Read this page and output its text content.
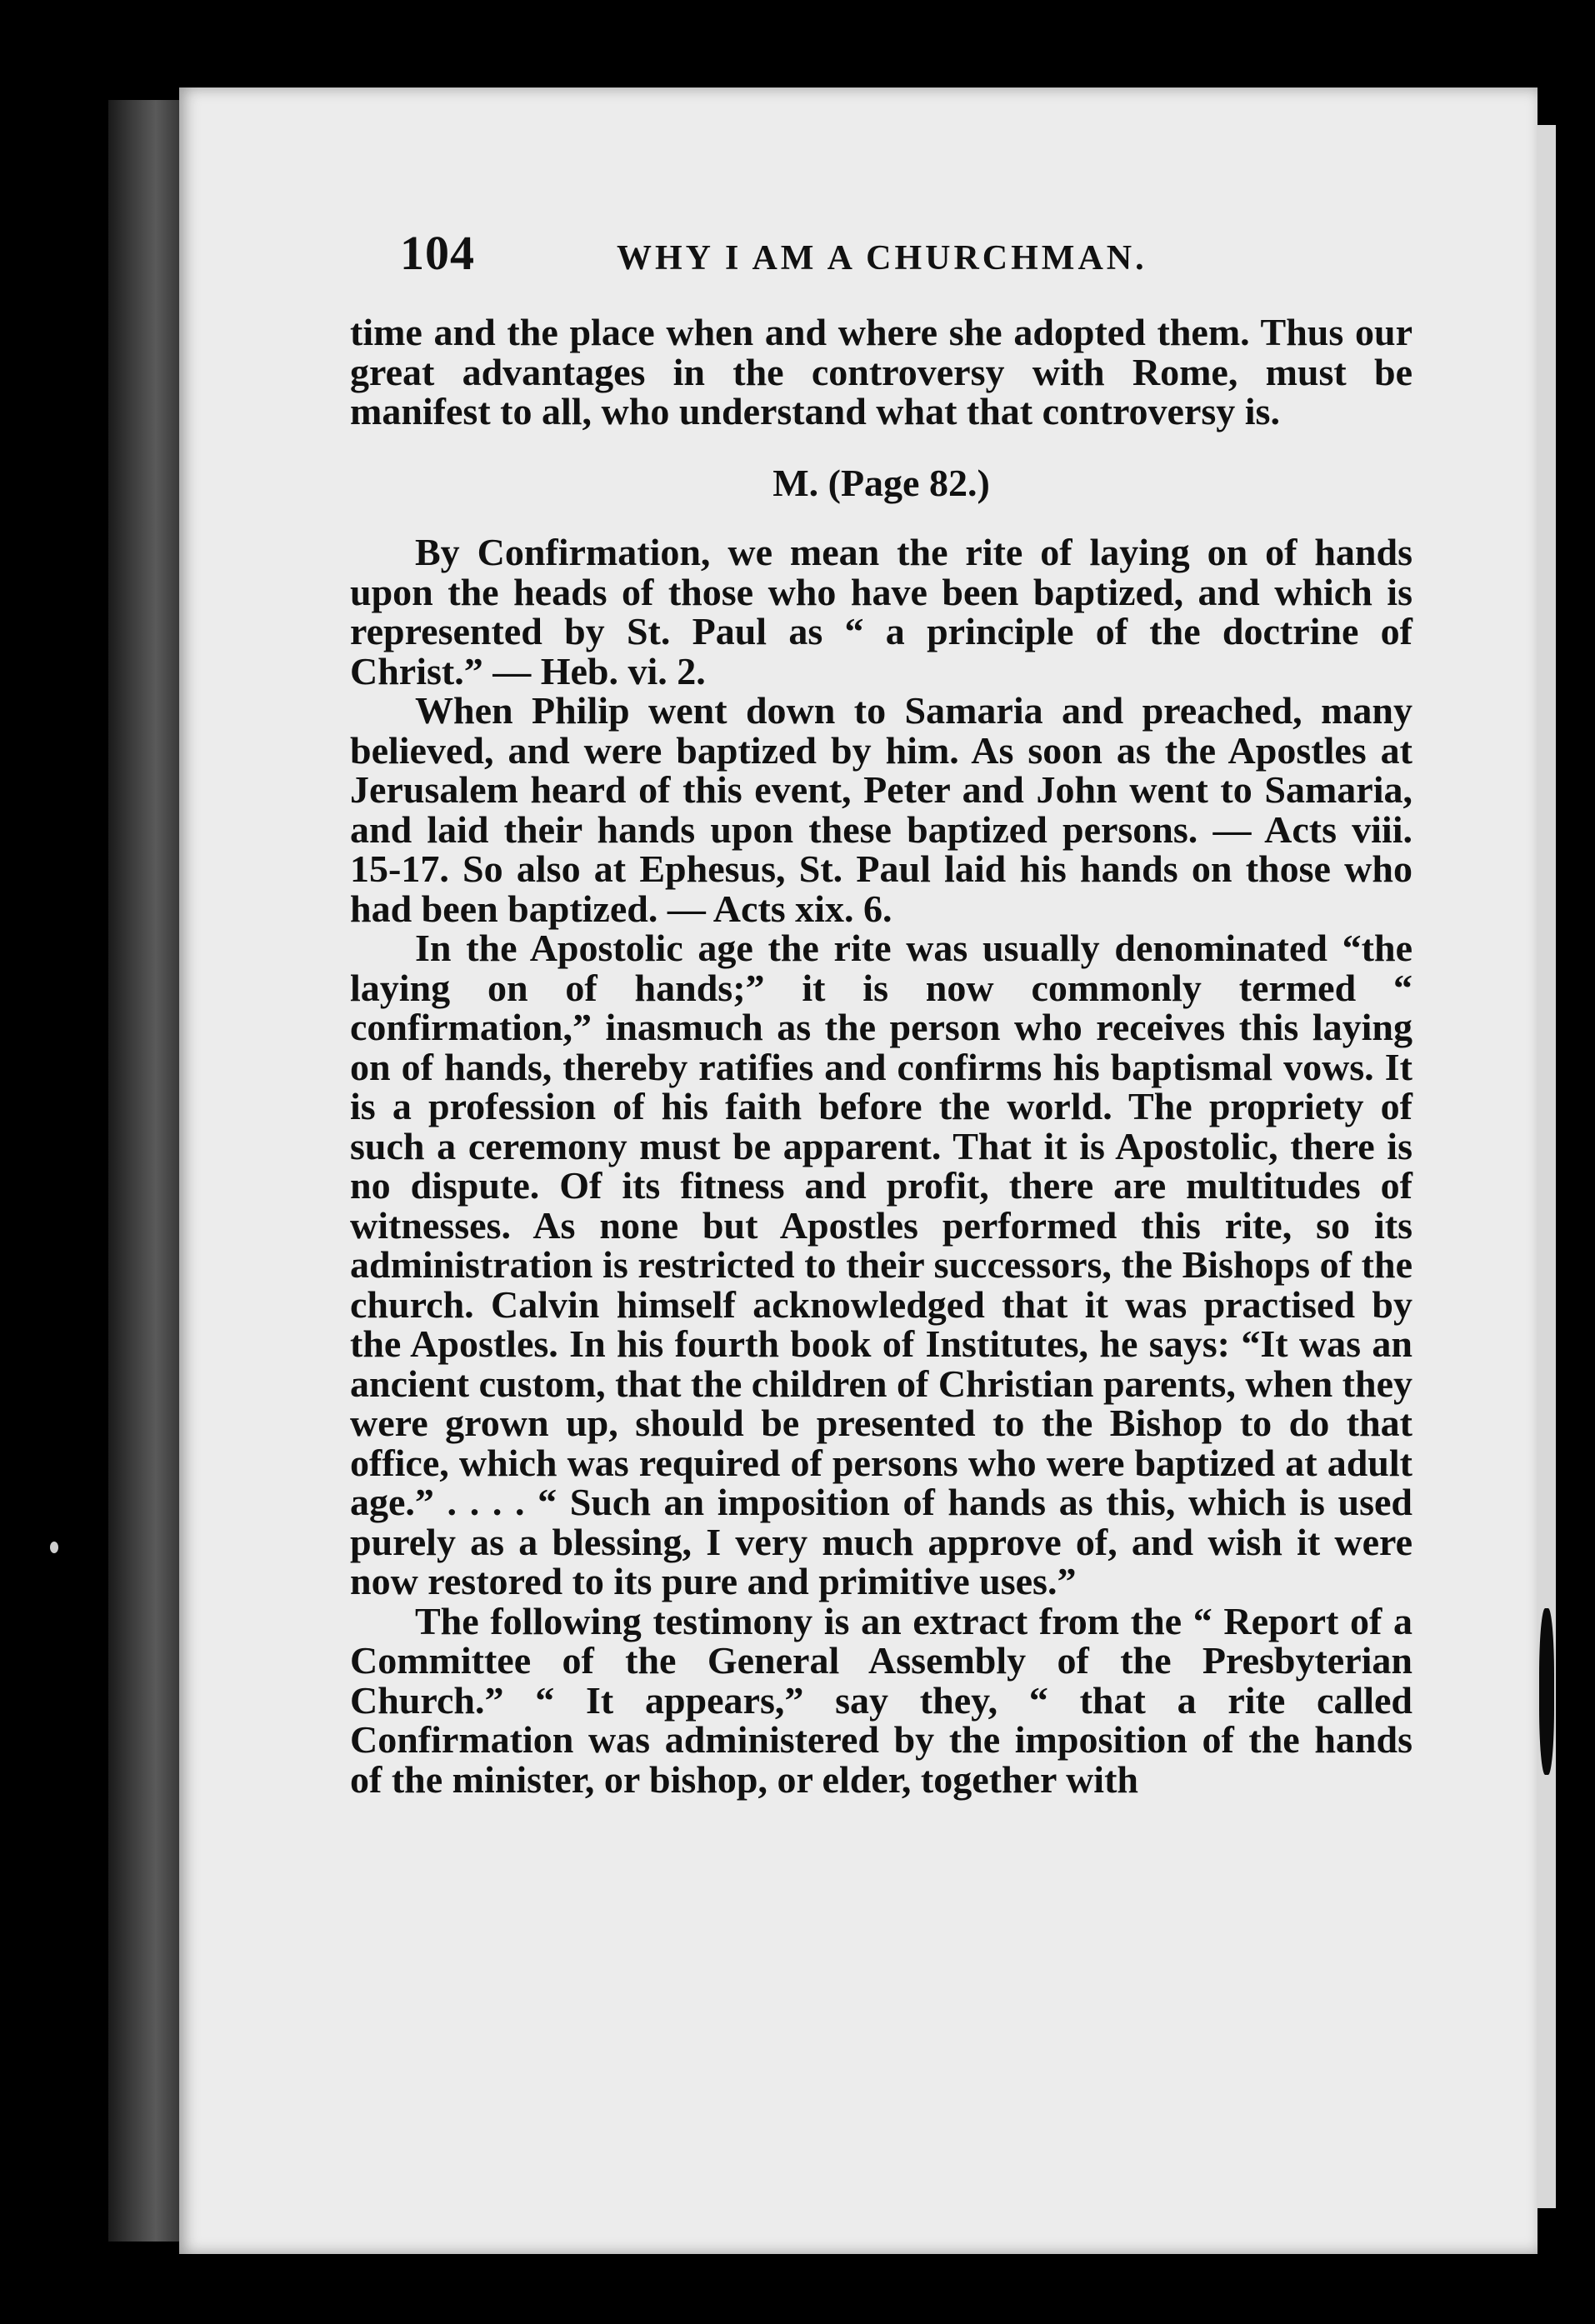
104	WHY I AM A CHURCHMAN.

time and the place when and where she adopted them. Thus our great advantages in the controversy with Rome, must be manifest to all, who understand what that controversy is.

M. (Page 82.)

By Confirmation, we mean the rite of laying on of hands upon the heads of those who have been baptized, and which is represented by St. Paul as “ a principle of the doctrine of Christ.” — Heb. vi. 2.

When Philip went down to Samaria and preached, many believed, and were baptized by him. As soon as the Apostles at Jerusalem heard of this event, Peter and John went to Samaria, and laid their hands upon these baptized persons. — Acts viii. 15-17. So also at Ephesus, St. Paul laid his hands on those who had been baptized. — Acts xix. 6.

In the Apostolic age the rite was usually denominated “the laying on of hands;” it is now commonly termed “ confirmation,” inasmuch as the person who receives this laying on of hands, thereby ratifies and confirms his baptismal vows. It is a profession of his faith before the world. The propriety of such a ceremony must be apparent. That it is Apostolic, there is no dispute. Of its fitness and profit, there are multitudes of witnesses. As none but Apostles performed this rite, so its administration is restricted to their successors, the Bishops of the church. Calvin himself acknowledged that it was practised by the Apostles. In his fourth book of Institutes, he says: “It was an ancient custom, that the children of Christian parents, when they were grown up, should be presented to the Bishop to do that office, which was required of persons who were baptized at adult age.” . . . . “ Such an imposition of hands as this, which is used purely as a blessing, I very much approve of, and wish it were now restored to its pure and primitive uses.”

The following testimony is an extract from the “ Report of a Committee of the General Assembly of the Presbyterian Church.” “ It appears,” say they, “ that a rite called Confirmation was administered by the imposition of the hands of the minister, or bishop, or elder, together with
